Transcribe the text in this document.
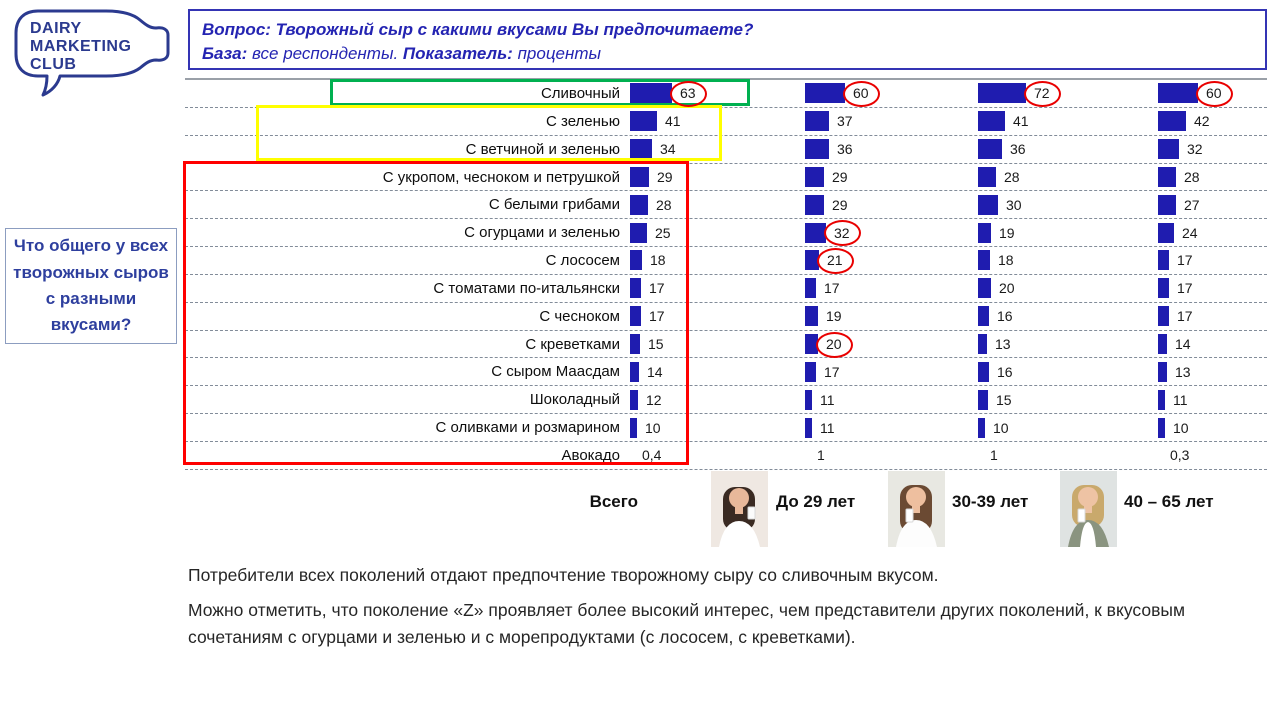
DAIRY
MARKETING
CLUB
Вопрос: Творожный сыр с какими вкусами Вы предпочитаете?
База: все респонденты. Показатель: проценты
Что общего у всех творожных сыров с разными вкусами?
Сливочный	63	60	72	60
С зеленью	41	37	41	42
С ветчиной и зеленью	34	36	36	32
С укропом, чесноком и петрушкой	29	29	28	28
С белыми грибами	28	29	30	27
С огурцами и зеленью	25	32	19	24
С лососем 18	21	18	17
С томатами по-итальянски 17	17	20	17
С чесноком 17	19	16	17
С креветками 15	20	13	14
С сыром Маасдам 14	17	16	13
Шоколадный 12	11	15	11
С оливками и розмарином 10	11	10	10
Авокадо 0,4	1	1	0,3
Всего	До 29 лет	30-39 лет	40 – 65 лет

Потребители всех поколений отдают предпочтение творожному сыру со сливочным вкусом.

Можно отметить, что поколение «Z» проявляет более высокий интерес, чем представители других поколений, к вкусовым сочетаниям с огурцами и зеленью и с морепродуктами (с лососем, с креветками).
